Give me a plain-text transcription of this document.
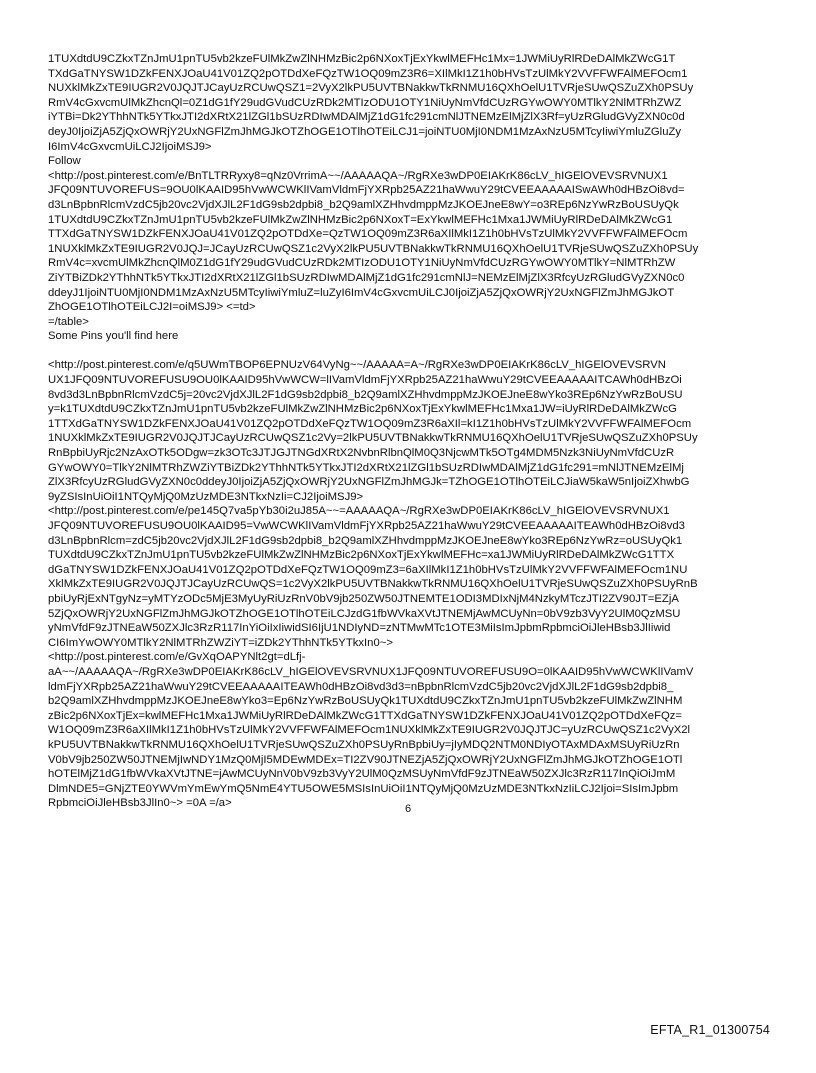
1TUXdtdU9CZkxTZnJmU1pnTU5vb2kzeFUlMkZwZlNHMzBic2p6NXoxTjExYkwlMEFHc1Mx=1JWMiUyRlRDeDAlMkZWcG1T
TXdGaTNYSW1DZkFENXJOaU41V01ZQ2pOTDdXeFQzTW1OQ09mZ3R6=XIlMkI1Z1h0bHVsTzUlMkY2VVFFWFAlMEFOcm1
NUXklMkZxTE9IUGR2V0JQJTJCayUzRCUwQSZ1=2VyX2lkPU5UVTBNakkwTkRNMU16QXhOelU1TVRjeSUwQSZuZXh0PSUy
RmV4cGxvcmUlMkZhcnQl=0Z1dG1fY29udGVudCUzRDk2MTIzODU1OTY1NiUyNmVfdCUzRGYwOWY0MTlkY2NlMTRhZWZ
iYTBi=Dk2YThhNTk5YTkxJTI2dXRtX21lZGl1bSUzRDIwMDAlMjZ1dG1fc291cmNlJTNEMzElMjZlX3Rf=yUzRGludGVyZXN0c0d
deyJ0IjoiZjA5ZjQxOWRjY2UxNGFlZmJhMGJkOTZhOGE1OTlhOTEiLCJ1=joiNTU0MjI0NDM1MzAxNzU5MTcyIiwiYmluZGluZy
I6ImV4cGxvcmUiLCJ2IjoiMSJ9>
Follow
<http://post.pinterest.com/e/BnTLTRRyxy8=qNz0VrrimA~~/AAAAAQA~/RgRXe3wDP0EIAKrK86cLV_hIGElOVEVSRVNUX1
JFQ09NTUVOREFUS=9OU0lKAAID95hVwWCWKlIVamVldmFjYXRpb25AZ21haWwuY29tCVEEAAAAAISwAWh0dHBzOi8vd=
d3LnBpbnRlcmVzdC5jb20vc2VjdXJlL2F1dG9sb2dpbi8_b2Q9amlXZHhvdmppMzJKOEJneE8wY=o3REp6NzYwRzBoUSUyQk
1TUXdtdU9CZkxTZnJmU1pnTU5vb2kzeFUlMkZwZlNHMzBic2p6NXoxT=ExYkwlMEFHc1Mxa1JWMiUyRlRDeDAlMkZWcG1
TTXdGaTNYSW1DZkFENXJOaU41V01ZQ2pOTDdXe=QzTW1OQ09mZ3R6aXIlMkI1Z1h0bHVsTzUlMkY2VVFFWFAlMEFOcm
1NUXklMkZxTE9IUGR2V0JQJ=JCayUzRCUwQSZ1c2VyX2lkPU5UVTBNakkwTkRNMU16QXhOelU1TVRjeSUwQSZuZXh0PSUy
RmV4c=xvcmUlMkZhcnQlM0Z1dG1fY29udGVudCUzRDk2MTIzODU1OTY1NiUyNmVfdCUzRGYwOWY0MTlkY=NlMTRhZW
ZiYTBiZDk2YThhNTk5YTkxJTI2dXRtX21lZGl1bSUzRDIwMDAlMjZ1dG1fc291cmNlJ=NEMzElMjZlX3RfcyUzRGludGVyZXN0c0
ddeyJ1IjoiNTU0MjI0NDM1MzAxNzU5MTcyIiwiYmluZ=luZyI6ImV4cGxvcmUiLCJ0IjoiZjA5ZjQxOWRjY2UxNGFlZmJhMGJkOT
ZhOGE1OTlhOTEiLCJ2I=oiMSJ9> <=td>
=/table>
Some Pins you'll find here
<http://post.pinterest.com/e/q5UWmTBOP6EPNUzV64VyNg~~/AAAAA=A~/RgRXe3wDP0EIAKrK86cLV_hIGElOVEVSRVN
UX1JFQ09NTUVOREFUSU9OU0lKAAID95hVwWCW=lIVamVldmFjYXRpb25AZ21haWwuY29tCVEEAAAAAITCAWh0dHBzOi
8vd3d3LnBpbnRlcmVzdC5j=20vc2VjdXJlL2F1dG9sb2dpbi8_b2Q9amlXZHhvdmppMzJKOEJneE8wYko3REp6NzYwRzBoUSU
y=k1TUXdtdU9CZkxTZnJmU1pnTU5vb2kzeFUlMkZwZlNHMzBic2p6NXoxTjExYkwlMEFHc1Mxa1JW=iUyRlRDeDAlMkZWcG
1TTXdGaTNYSW1DZkFENXJOaU41V01ZQ2pOTDdXeFQzTW1OQ09mZ3R6aXIl=kI1Z1h0bHVsTzUlMkY2VVFFWFAlMEFOcm
1NUXklMkZxTE9IUGR2V0JQJTJCayUzRCUwQSZ1c2Vy=2lkPU5UVTBNakkwTkRNMU16QXhOelU1TVRjeSUwQSZuZXh0PSUy
RnBpbiUyRjc2NzAxOTk5ODgw=zk3OTc3JTJGJTNGdXRtX2NvbnRlbnQlM0Q3NjcwMTk5OTg4MDM5Nzk3NiUyNmVfdCUzR
GYwOWY0=TlkY2NlMTRhZWZiYTBiZDk2YThhNTk5YTkxJTI2dXRtX21lZGl1bSUzRDIwMDAlMjZ1dG1fc291=mNlJTNEMzElMj
ZlX3RfcyUzRGludGVyZXN0c0ddeyJ0IjoiZjA5ZjQxOWRjY2UxNGFlZmJhMGJk=TZhOGE1OTlhOTEiLCJiaW5kaW5nIjoiZXhwbG
9yZSIsInUiOiI1NTQyMjQ0MzUzMDE3NTkxNzIi=CJ2IjoiMSJ9>
<http://post.pinterest.com/e/pe145Q7va5pYb30i2uJ85A~~=AAAAAQA~/RgRXe3wDP0EIAKrK86cLV_hIGElOVEVSRVNUX1
JFQ09NTUVOREFUSU9OU0lKAAID95=VwWCWKlIVamVldmFjYXRpb25AZ21haWwuY29tCVEEAAAAAITEAWh0dHBzOi8vd3
d3LnBpbnRlcm=zdC5jb20vc2VjdXJlL2F1dG9sb2dpbi8_b2Q9amlXZHhvdmppMzJKOEJneE8wYko3REp6NzYwRz=oUSUyQk1
TUXdtdU9CZkxTZnJmU1pnTU5vb2kzeFUlMkZwZlNHMzBic2p6NXoxTjExYkwlMEFHc=xa1JWMiUyRlRDeDAlMkZWcG1TTX
dGaTNYSW1DZkFENXJOaU41V01ZQ2pOTDdXeFQzTW1OQ09mZ3=6aXIlMkI1Z1h0bHVsTzUlMkY2VVFFWFAlMEFOcm1NU
XklMkZxTE9IUGR2V0JQJTJCayUzRCUwQS=1c2VyX2lkPU5UVTBNakkwTkRNMU16QXhOelU1TVRjeSUwQSZuZXh0PSUyRnB
pbiUyRjExNTgyNz=yMTYzODc5MjE3MyUyRiUzRnV0bV9jb250ZW50JTNEMTE1ODI3MDIxNjM4NzkyMTczJTI2ZV90JT=EZjA
5ZjQxOWRjY2UxNGFlZmJhMGJkOTZhOGE1OTlhOTEiLCJzdG1fbWVkaXVtJTNEMjAwMCUyNn=0bV9zb3VyY2UlM0QzMSU
yNmVfdF9zJTNEaW50ZXJlc3RzR117InYiOiIxIiwidSI6IjU1NDIyND=zNTMwMTc1OTE3MiIsImJpbmRpbmciOiJleHBsb3JlIiwid
CI6ImYwOWY0MTlkY2NlMTRhZWZiYT=iZDk2YThhNTk5YTkxIn0~>
<http://post.pinterest.com/e/GvXqOAPYNlt2gt=dLfj-
aA~~/AAAAAQA~/RgRXe3wDP0EIAKrK86cLV_hIGElOVEVSRVNUX1JFQ09NTUVOREFUSU9O=0lKAAID95hVwWCWKlIVamV
ldmFjYXRpb25AZ21haWwuY29tCVEEAAAAAITEAWh0dHBzOi8vd3d3=nBpbnRlcmVzdC5jb20vc2VjdXJlL2F1dG9sb2dpbi8_
b2Q9amlXZHhvdmppMzJKOEJneE8wYko3=Ep6NzYwRzBoUSUyQk1TUXdtdU9CZkxTZnJmU1pnTU5vb2kzeFUlMkZwZlNHM
zBic2p6NXoxTjEx=kwlMEFHc1Mxa1JWMiUyRlRDeDAlMkZWcG1TTXdGaTNYSW1DZkFENXJOaU41V01ZQ2pOTDdXeFQz=
W1OQ09mZ3R6aXIlMkI1Z1h0bHVsTzUlMkY2VVFFWFAlMEFOcm1NUXklMkZxTE9IUGR2V0JQJTJC=yUzRCUwQSZ1c2VyX2l
kPU5UVTBNakkwTkRNMU16QXhOelU1TVRjeSUwQSZuZXh0PSUyRnBpbiUy=jIyMDQ2NTM0NDIyOTAxMDAxMSUyRiUzRn
V0bV9jb250ZW50JTNEMjIwNDY1MzQ0MjI5MDEwMDEx=TI2ZV90JTNEZjA5ZjQxOWRjY2UxNGFlZmJhMGJkOTZhOGE1OTl
hOTElMjZ1dG1fbWVkaXVtJTNE=jAwMCUyNnV0bV9zb3VyY2UlM0QzMSUyNmVfdF9zJTNEaW50ZXJlc3RzR117InQiOiJmM
DlmNDE5=GNjZTE0YWVmYmEwYmQ5NmE4YTU5OWE5MSIsInUiOiI1NTQyMjQ0MzUzMDE3NTkxNzIiLCJ2Ijoi=SIsImJpbm
RpbmciOiJleHBsb3JlIn0~> =0A =/a>	6
EFTA_R1_01300754
